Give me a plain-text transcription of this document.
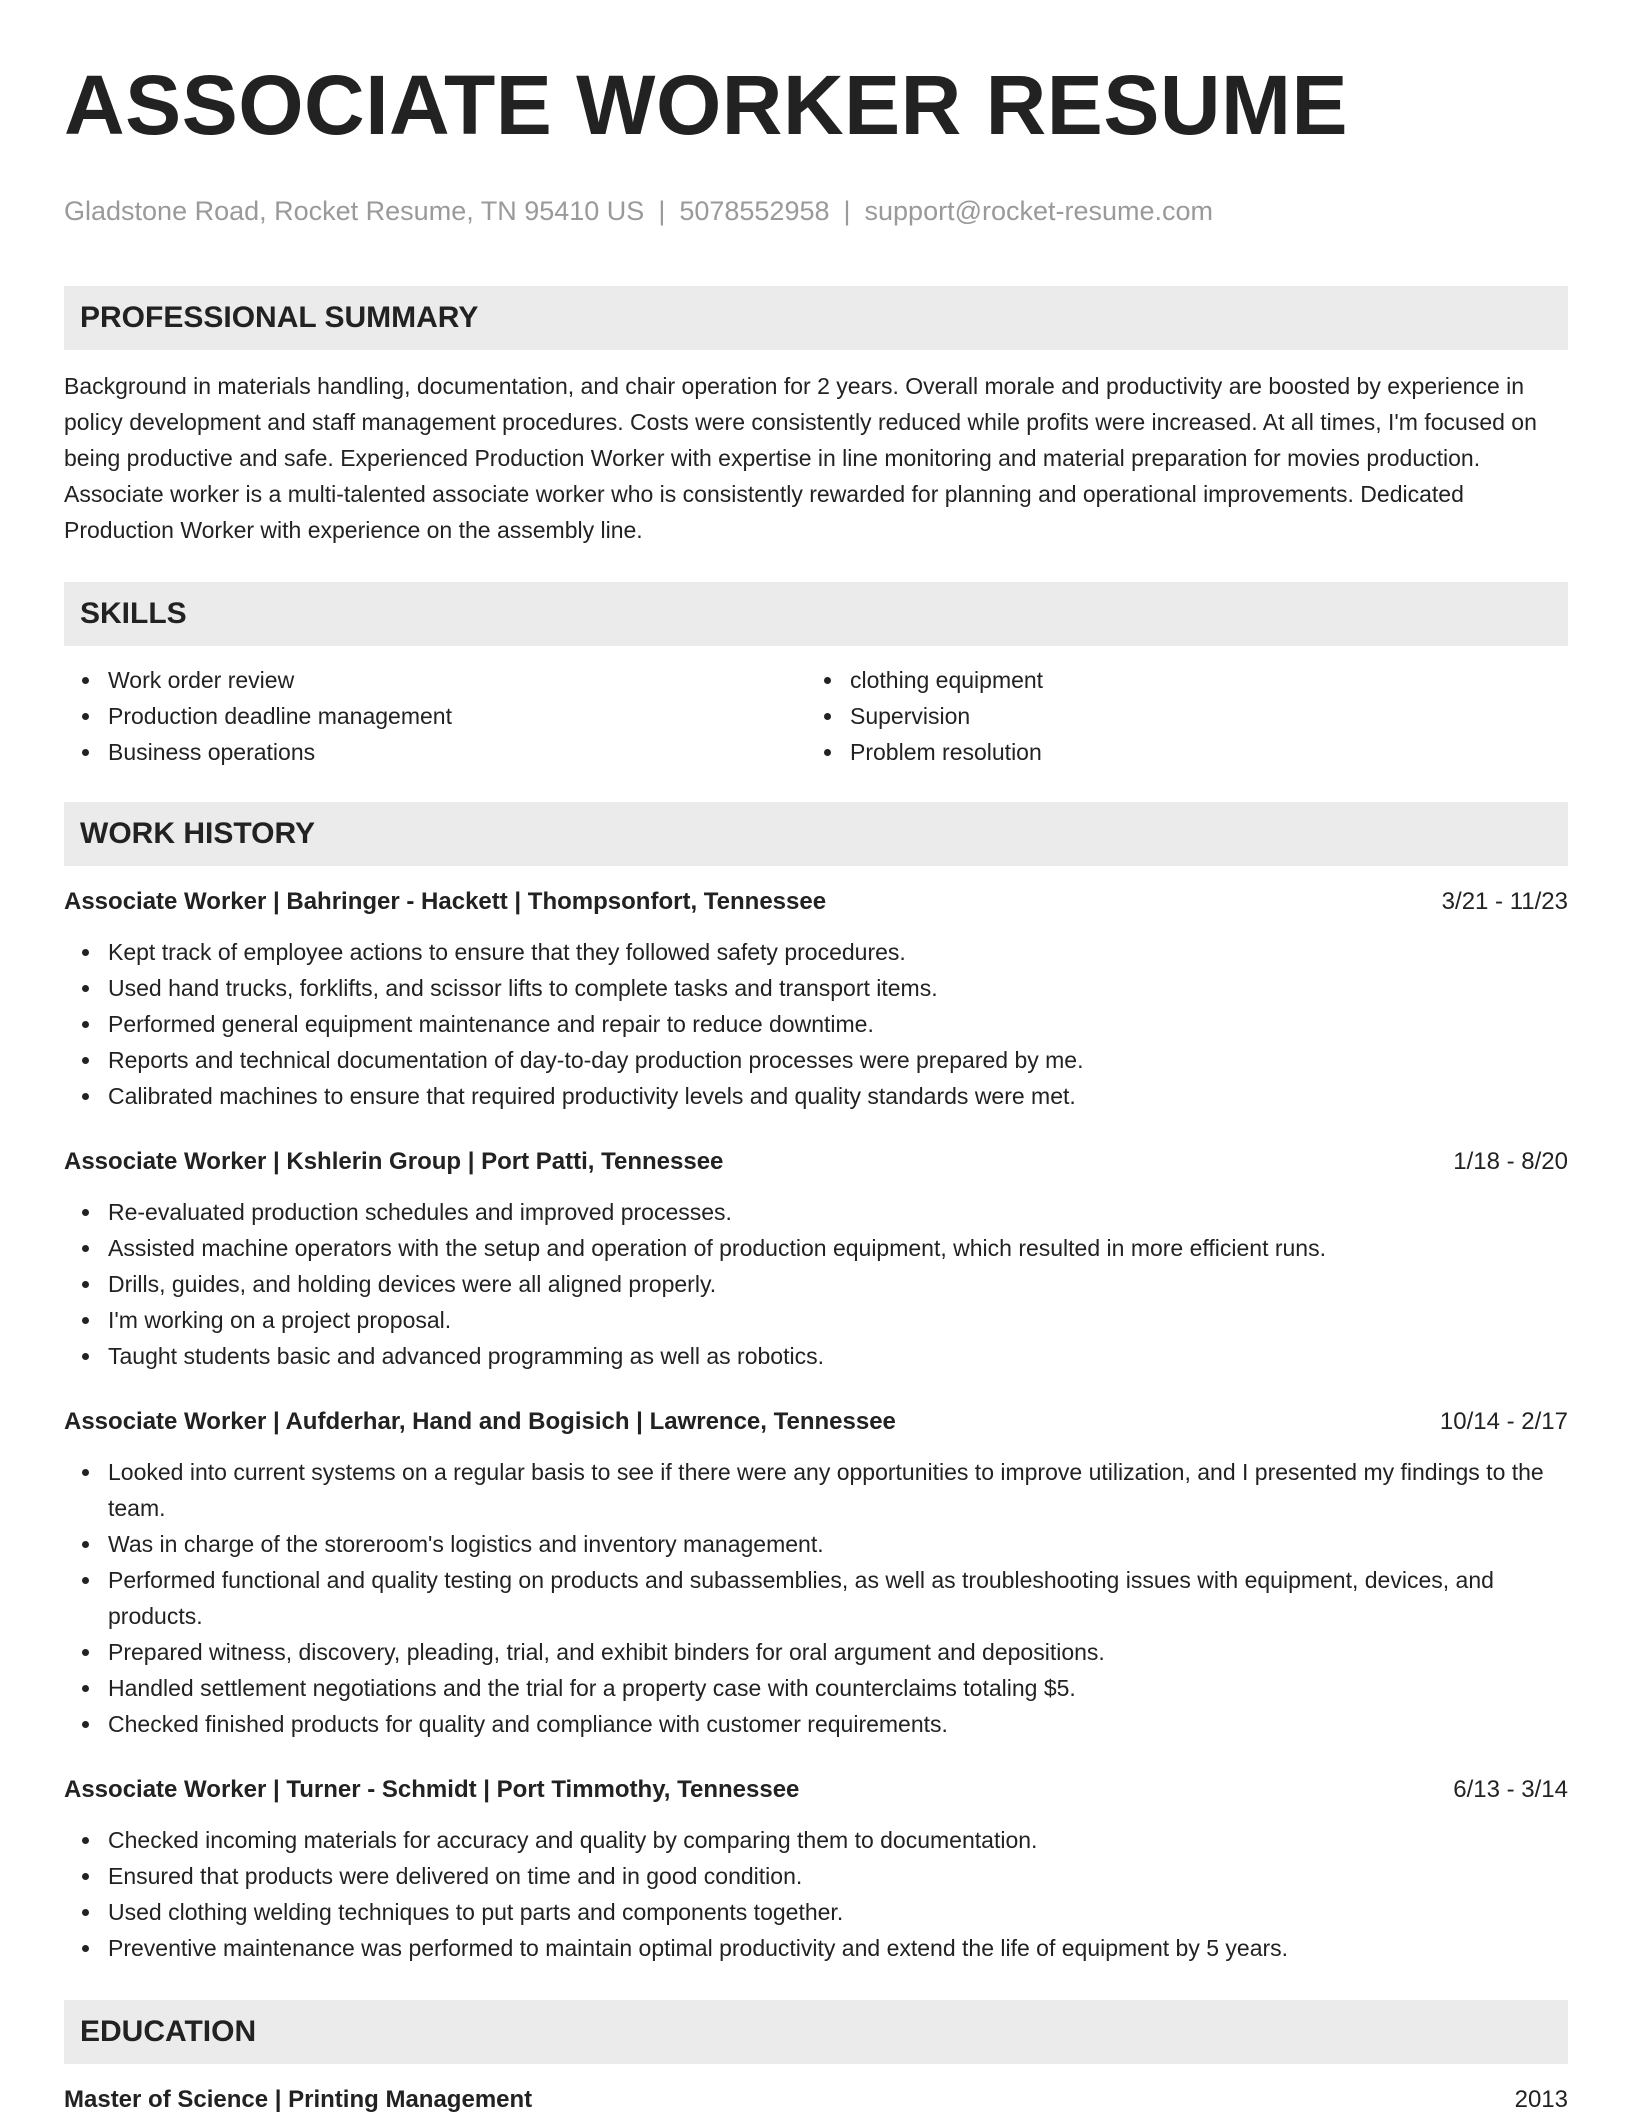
ASSOCIATE WORKER RESUME
Gladstone Road, Rocket Resume, TN 95410 US | 5078552958 | support@rocket-resume.com
PROFESSIONAL SUMMARY

Background in materials handling, documentation, and chair operation for 2 years. Overall morale and productivity are boosted by experience in policy development and staff management procedures. Costs were consistently reduced while profits were increased. At all times, I'm focused on being productive and safe. Experienced Production Worker with expertise in line monitoring and material preparation for movies production. Associate worker is a multi-talented associate worker who is consistently rewarded for planning and operational improvements. Dedicated Production Worker with experience on the assembly line.

SKILLS
Work order review
Production deadline management
Business operations
clothing equipment
Supervision
Problem resolution
WORK HISTORY
Associate Worker | Bahringer - Hackett | Thompsonfort, Tennessee	3/21 - 11/23
Kept track of employee actions to ensure that they followed safety procedures.
Used hand trucks, forklifts, and scissor lifts to complete tasks and transport items.
Performed general equipment maintenance and repair to reduce downtime.
Reports and technical documentation of day-to-day production processes were prepared by me.
Calibrated machines to ensure that required productivity levels and quality standards were met.
Associate Worker | Kshlerin Group | Port Patti, Tennessee	1/18 - 8/20
Re-evaluated production schedules and improved processes.
Assisted machine operators with the setup and operation of production equipment, which resulted in more efficient runs.
Drills, guides, and holding devices were all aligned properly.
I'm working on a project proposal.
Taught students basic and advanced programming as well as robotics.
Associate Worker | Aufderhar, Hand and Bogisich | Lawrence, Tennessee	10/14 - 2/17
Looked into current systems on a regular basis to see if there were any opportunities to improve utilization, and I presented my findings to the team.
Was in charge of the storeroom's logistics and inventory management.
Performed functional and quality testing on products and subassemblies, as well as troubleshooting issues with equipment, devices, and products.
Prepared witness, discovery, pleading, trial, and exhibit binders for oral argument and depositions.
Handled settlement negotiations and the trial for a property case with counterclaims totaling $5.
Checked finished products for quality and compliance with customer requirements.
Associate Worker | Turner - Schmidt | Port Timmothy, Tennessee	6/13 - 3/14
Checked incoming materials for accuracy and quality by comparing them to documentation.
Ensured that products were delivered on time and in good condition.
Used clothing welding techniques to put parts and components together.
Preventive maintenance was performed to maintain optimal productivity and extend the life of equipment by 5 years.
EDUCATION
Master of Science | Printing Management	2013
